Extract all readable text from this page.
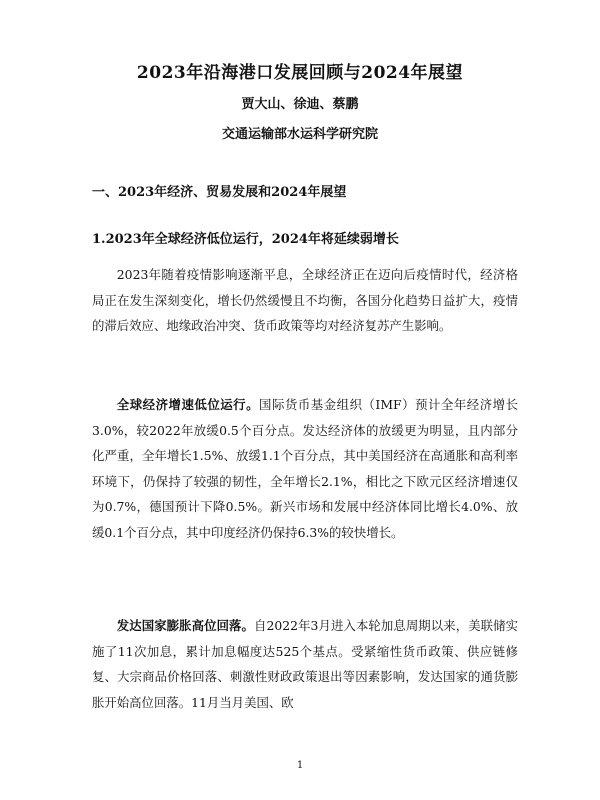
2023年沿海港口发展回顾与2024年展望
贾大山、徐迪、蔡鹏
交通运输部水运科学研究院
一、2023年经济、贸易发展和2024年展望
1.2023年全球经济低位运行，2024年将延续弱增长

2023年随着疫情影响逐渐平息，全球经济正在迈向后疫情时代，经济格局正在发生深刻变化，增长仍然缓慢且不均衡，各国分化趋势日益扩大，疫情的滞后效应、地缘政治冲突、货币政策等均对经济复苏产生影响。

全球经济增速低位运行。国际货币基金组织（IMF）预计全年经济增长3.0%，较2022年放缓0.5个百分点。发达经济体的放缓更为明显，且内部分化严重，全年增长1.5%、放缓1.1个百分点，其中美国经济在高通胀和高利率环境下，仍保持了较强的韧性，全年增长2.1%，相比之下欧元区经济增速仅为0.7%，德国预计下降0.5%。新兴市场和发展中经济体同比增长4.0%、放缓0.1个百分点，其中印度经济仍保持6.3%的较快增长。

发达国家膨胀高位回落。自2022年3月进入本轮加息周期以来，美联储实施了11次加息，累计加息幅度达525个基点。受紧缩性货币政策、供应链修复、大宗商品价格回落、刺激性财政政策退出等因素影响，发达国家的通货膨胀开始高位回落。11月当月美国、欧

1
